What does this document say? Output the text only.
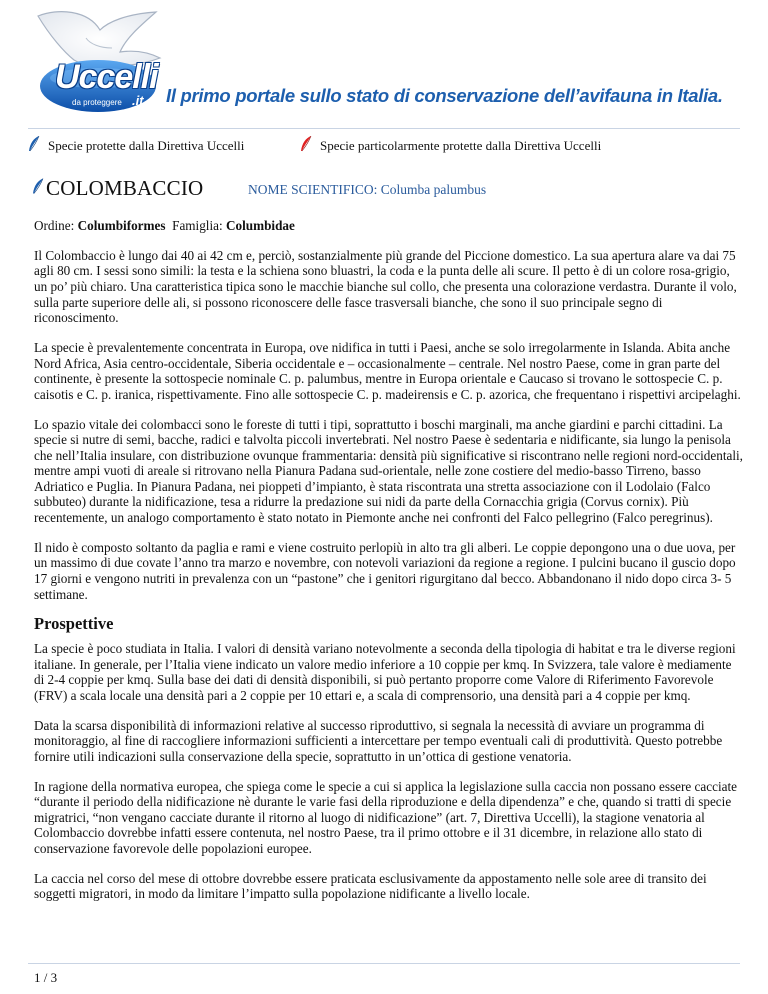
Uccelli
da proteggere .it Il primo portale sullo stato di conservazione dell’avifauna in Italia.
Specie protette dalla Direttiva Uccelli	Specie particolarmente protette dalla Direttiva Uccelli
COLOMBACCIO	NOME SCIENTIFICO: Columba palumbus

Ordine: Columbiformes Famiglia: Columbidae

Il Colombaccio è lungo dai 40 ai 42 cm e, perciò, sostanzialmente più grande del Piccione domestico. La sua apertura alare va dai 75 agli 80 cm. I sessi sono simili: la testa e la schiena sono bluastri, la coda e la punta delle ali scure. Il petto è di un colore rosa-grigio, un po’ più chiaro. Una caratteristica tipica sono le macchie bianche sul collo, che presenta una colorazione verdastra. Durante il volo, sulla parte superiore delle ali, si possono riconoscere delle fasce trasversali bianche, che sono il suo principale segno di riconoscimento.

La specie è prevalentemente concentrata in Europa, ove nidifica in tutti i Paesi, anche se solo irregolarmente in Islanda. Abita anche Nord Africa, Asia centro-occidentale, Siberia occidentale e – occasionalmente – centrale. Nel nostro Paese, come in gran parte del continente, è presente la sottospecie nominale C. p. palumbus, mentre in Europa orientale e Caucaso si trovano le sottospecie C. p. caisotis e C. p. iranica, rispettivamente. Fino alle sottospecie C. p. madeirensis e C. p. azorica, che frequentano i rispettivi arcipelaghi.

Lo spazio vitale dei colombacci sono le foreste di tutti i tipi, soprattutto i boschi marginali, ma anche giardini e parchi cittadini. La specie si nutre di semi, bacche, radici e talvolta piccoli invertebrati. Nel nostro Paese è sedentaria e nidificante, sia lungo la penisola che nell’Italia insulare, con distribuzione ovunque frammentaria: densità più significative si riscontrano nelle regioni nord-occidentali, mentre ampi vuoti di areale si ritrovano nella Pianura Padana sud-orientale, nelle zone costiere del medio-basso Tirreno, basso Adriatico e Puglia. In Pianura Padana, nei pioppeti d’impianto, è stata riscontrata una stretta associazione con il Lodolaio (Falco subbuteo) durante la nidificazione, tesa a ridurre la predazione sui nidi da parte della Cornacchia grigia (Corvus cornix). Più recentemente, un analogo comportamento è stato notato in Piemonte anche nei confronti del Falco pellegrino (Falco peregrinus).

Il nido è composto soltanto da paglia e rami e viene costruito perlopiù in alto tra gli alberi. Le coppie depongono una o due uova, per un massimo di due covate l’anno tra marzo e novembre, con notevoli variazioni da regione a regione. I pulcini bucano il guscio dopo 17 giorni e vengono nutriti in prevalenza con un “pastone” che i genitori rigurgitano dal becco. Abbandonano il nido dopo circa 3- 5 settimane.

Prospettive

La specie è poco studiata in Italia. I valori di densità variano notevolmente a seconda della tipologia di habitat e tra le diverse regioni italiane. In generale, per l’Italia viene indicato un valore medio inferiore a 10 coppie per kmq. In Svizzera, tale valore è mediamente di 2-4 coppie per kmq. Sulla base dei dati di densità disponibili, si può pertanto proporre come Valore di Riferimento Favorevole (FRV) a scala locale una densità pari a 2 coppie per 10 ettari e, a scala di comprensorio, una densità pari a 4 coppie per kmq.

Data la scarsa disponibilità di informazioni relative al successo riproduttivo, si segnala la necessità di avviare un programma di monitoraggio, al fine di raccogliere informazioni sufficienti a intercettare per tempo eventuali cali di produttività. Questo potrebbe fornire utili indicazioni sulla conservazione della specie, soprattutto in un’ottica di gestione venatoria.

In ragione della normativa europea, che spiega come le specie a cui si applica la legislazione sulla caccia non possano essere cacciate “durante il periodo della nidificazione nè durante le varie fasi della riproduzione e della dipendenza” e che, quando si tratti di specie migratrici, “non vengano cacciate durante il ritorno al luogo di nidificazione” (art. 7, Direttiva Uccelli), la stagione venatoria al Colombaccio dovrebbe infatti essere contenuta, nel nostro Paese, tra il primo ottobre e il 31 dicembre, in relazione allo stato di conservazione favorevole delle popolazioni europee.

La caccia nel corso del mese di ottobre dovrebbe essere praticata esclusivamente da appostamento nelle sole aree di transito dei soggetti migratori, in modo da limitare l’impatto sulla popolazione nidificante a livello locale.

1 / 3
